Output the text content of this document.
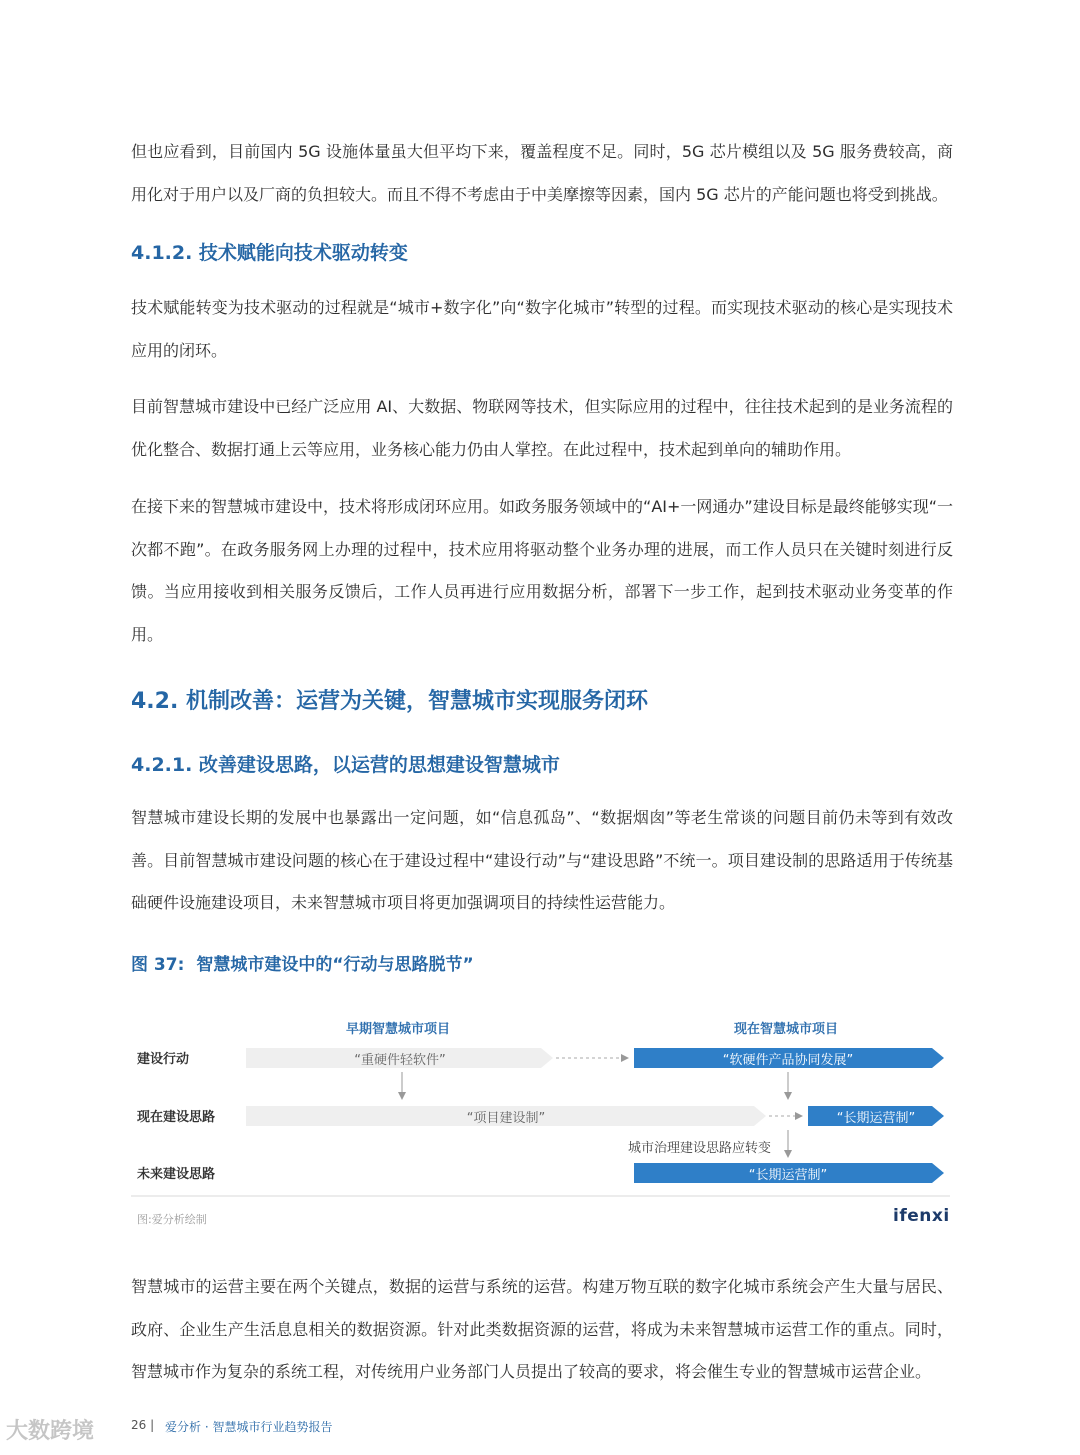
但也应看到，目前国内 5G 设施体量虽大但平均下来，覆盖程度不足。同时，5G 芯片模组以及 5G 服务费较高，商用化对于用户以及厂商的负担较大。而且不得不考虑由于中美摩擦等因素，国内 5G 芯片的产能问题也将受到挑战。

4.1.2. 技术赋能向技术驱动转变

技术赋能转变为技术驱动的过程就是“城市+数字化”向“数字化城市”转型的过程。而实现技术驱动的核心是实现技术应用的闭环。

目前智慧城市建设中已经广泛应用 AI、大数据、物联网等技术，但实际应用的过程中，往往技术起到的是业务流程的优化整合、数据打通上云等应用，业务核心能力仍由人掌控。在此过程中，技术起到单向的辅助作用。

在接下来的智慧城市建设中，技术将形成闭环应用。如政务服务领域中的“AI+一网通办”建设目标是最终能够实现“一次都不跑”。在政务服务网上办理的过程中，技术应用将驱动整个业务办理的进展，而工作人员只在关键时刻进行反馈。当应用接收到相关服务反馈后，工作人员再进行应用数据分析，部署下一步工作，起到技术驱动业务变革的作用。

4.2. 机制改善：运营为关键，智慧城市实现服务闭环
4.2.1. 改善建设思路，以运营的思想建设智慧城市

智慧城市建设长期的发展中也暴露出一定问题，如“信息孤岛”、“数据烟囱”等老生常谈的问题目前仍未等到有效改善。目前智慧城市建设问题的核心在于建设过程中“建设行动”与“建设思路”不统一。项目建设制的思路适用于传统基础硬件设施建设项目，未来智慧城市项目将更加强调项目的持续性运营能力。

图 37: 智慧城市建设中的“行动与思路脱节”
早期智慧城市项目	现在智慧城市项目
建设行动
现在建设思路
未来建设思路
“重硬件轻软件”	“软硬件产品协同发展”
“项目建设制”	“长期运营制”
“长期运营制”
城市治理建设思路应转变
图:爱分析绘制	ifenxi

智慧城市的运营主要在两个关键点，数据的运营与系统的运营。构建万物互联的数字化城市系统会产生大量与居民、政府、企业生产生活息息相关的数据资源。针对此类数据资源的运营，将成为未来智慧城市运营工作的重点。同时，智慧城市作为复杂的系统工程，对传统用户业务部门人员提出了较高的要求，将会催生专业的智慧城市运营企业。

26 | 爱分析 · 智慧城市行业趋势报告
大数跨境
